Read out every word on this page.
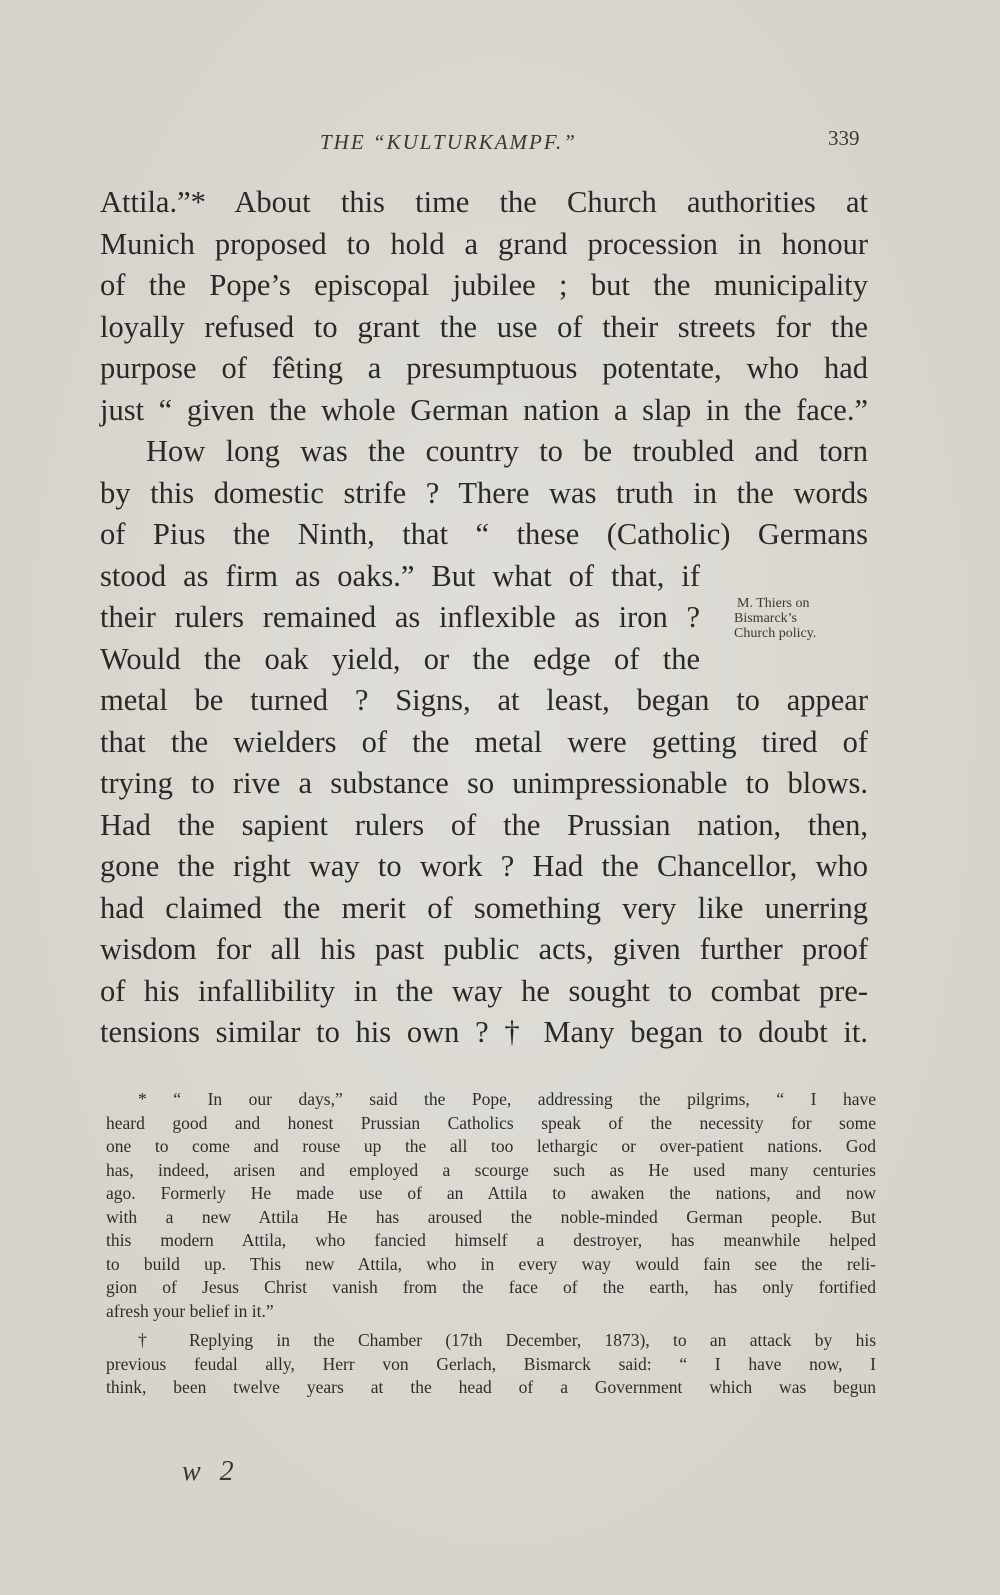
THE “KULTURKAMPF.”	339
Attila.”* About this time the Church authorities at
Munich proposed to hold a grand procession in honour
of the Pope’s episcopal jubilee ; but the municipality
loyally refused to grant the use of their streets for the
purpose of fêting a presumptuous potentate, who had
just “ given the whole German nation a slap in the face.”
How long was the country to be troubled and torn
by this domestic strife ? There was truth in the words
of Pius the Ninth, that “ these (Catholic) Germans
stood as firm as oaks.” But what of that, if
their rulers remained as inflexible as iron ?
Would the oak yield, or the edge of the
metal be turned ? Signs, at least, began to appear
that the wielders of the metal were getting tired of
trying to rive a substance so unimpressionable to blows.
Had the sapient rulers of the Prussian nation, then,
gone the right way to work ? Had the Chancellor, who
had claimed the merit of something very like unerring
wisdom for all his past public acts, given further proof
of his infallibility in the way he sought to combat pre-
tensions similar to his own ? † Many began to doubt it.
M. Thiers on
Bismarck’s
Church policy.
* “ In our days,” said the Pope, addressing the pilgrims, “ I have
heard good and honest Prussian Catholics speak of the necessity for some
one to come and rouse up the all too lethargic or over-patient nations. God
has, indeed, arisen and employed a scourge such as He used many centuries
ago. Formerly He made use of an Attila to awaken the nations, and now
with a new Attila He has aroused the noble-minded German people. But
this modern Attila, who fancied himself a destroyer, has meanwhile helped
to build up. This new Attila, who in every way would fain see the reli-
gion of Jesus Christ vanish from the face of the earth, has only fortified
afresh your belief in it.”
† Replying in the Chamber (17th December, 1873), to an attack by his
previous feudal ally, Herr von Gerlach, Bismarck said: “ I have now, I
think, been twelve years at the head of a Government which was begun
w 2
